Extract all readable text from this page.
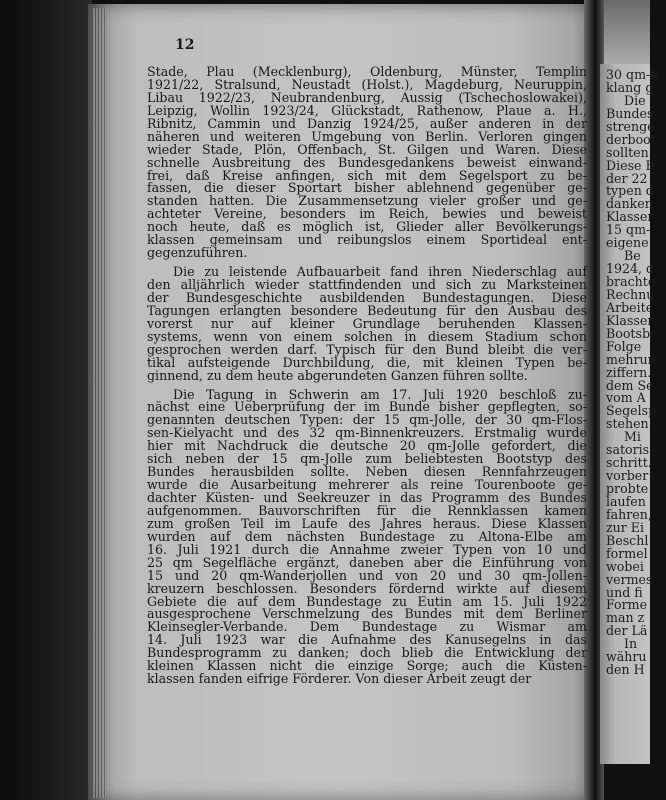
12
Stade, Plau (Mecklenburg), Oldenburg, Münster, Templin
1921/22, Stralsund, Neustadt (Holst.), Magdeburg, Neuruppin,
Libau 1922/23, Neubrandenburg, Aussig (Tschechoslowakei),
Leipzig, Wollin 1923/24, Glückstadt, Rathenow, Plaue a. H.,
Ribnitz, Cammin und Danzig 1924/25, außer anderen in der
näheren und weiteren Umgebung von Berlin. Verloren gingen
wieder Stade, Plön, Offenbach, St. Gilgen und Waren. Diese
schnelle Ausbreitung des Bundesgedankens beweist einwand-
frei, daß Kreise anfingen, sich mit dem Segelsport zu be-
fassen, die dieser Sportart bisher ablehnend gegenüber ge-
standen hatten. Die Zusammensetzung vieler großer und ge-
achteter Vereine, besonders im Reich, bewies und beweist
noch heute, daß es möglich ist, Glieder aller Bevölkerungs-
klassen gemeinsam und reibungslos einem Sportideal ent-
gegenzuführen.
Die zu leistende Aufbauarbeit fand ihren Niederschlag auf
den alljährlich wieder stattfindenden und sich zu Marksteinen
der Bundesgeschichte ausbildenden Bundestagungen. Diese
Tagungen erlangten besondere Bedeutung für den Ausbau des
vorerst nur auf kleiner Grundlage beruhenden Klassen-
systems, wenn von einem solchen in diesem Stadium schon
gesprochen werden darf. Typisch für den Bund bleibt die ver-
tikal aufsteigende Durchbildung, die, mit kleinen Typen be-
ginnend, zu dem heute abgerundeten Ganzen führen sollte.
Die Tagung in Schwerin am 17. Juli 1920 beschloß zu-
nächst eine Ueberprüfung der im Bunde bisher gepflegten, so-
genannten deutschen Typen: der 15 qm-Jolle, der 30 qm-Flos-
sen-Kielyacht und des 32 qm-Binnenkreuzers. Erstmalig wurde
hier mit Nachdruck die deutsche 20 qm-Jolle gefordert, die
sich neben der 15 qm-Jolle zum beliebtesten Bootstyp des
Bundes herausbilden sollte. Neben diesen Rennfahrzeugen
wurde die Ausarbeitung mehrerer als reine Tourenboote ge-
dachter Küsten- und Seekreuzer in das Programm des Bundes
aufgenommen. Bauvorschriften für die Rennklassen kamen
zum großen Teil im Laufe des Jahres heraus. Diese Klassen
wurden auf dem nächsten Bundestage zu Altona-Elbe am
16. Juli 1921 durch die Annahme zweier Typen von 10 und
25 qm Segelfläche ergänzt, daneben aber die Einführung von
15 und 20 qm-Wanderjollen und von 20 und 30 qm-Jollen-
kreuzern beschlossen. Besonders fördernd wirkte auf diesem
Gebiete die auf dem Bundestage zu Eutin am 15. Juli 1922
ausgesprochene Verschmelzung des Bundes mit dem Berliner
Kleinsegler-Verbande. Dem Bundestage zu Wismar am
14. Juli 1923 war die Aufnahme des Kanusegelns in das
Bundesprogramm zu danken; doch blieb die Entwicklung der
kleinen Klassen nicht die einzige Sorge; auch die Küsten-
klassen fanden eifrige Förderer. Von dieser Arbeit zeugt der
30 qm-K
klang g
Die
Bundes
strenge
derboot
sollten
Diese B
der 22
typen d
danken
Klasser
15 qm-
eigene
Be
1924, d
brachte
Rechnu
Arbeite
Klasser
Bootsb
Folge
mehrun
ziffern.
dem Se
vom A
Segelsp
stehen
Mi
satoris
schritt.
vorber
probte
laufen
fahren,
zur Ei
Beschl
formel
wobei
vermes
und fi
Forme
man z
der Lä
In
währu
den H
